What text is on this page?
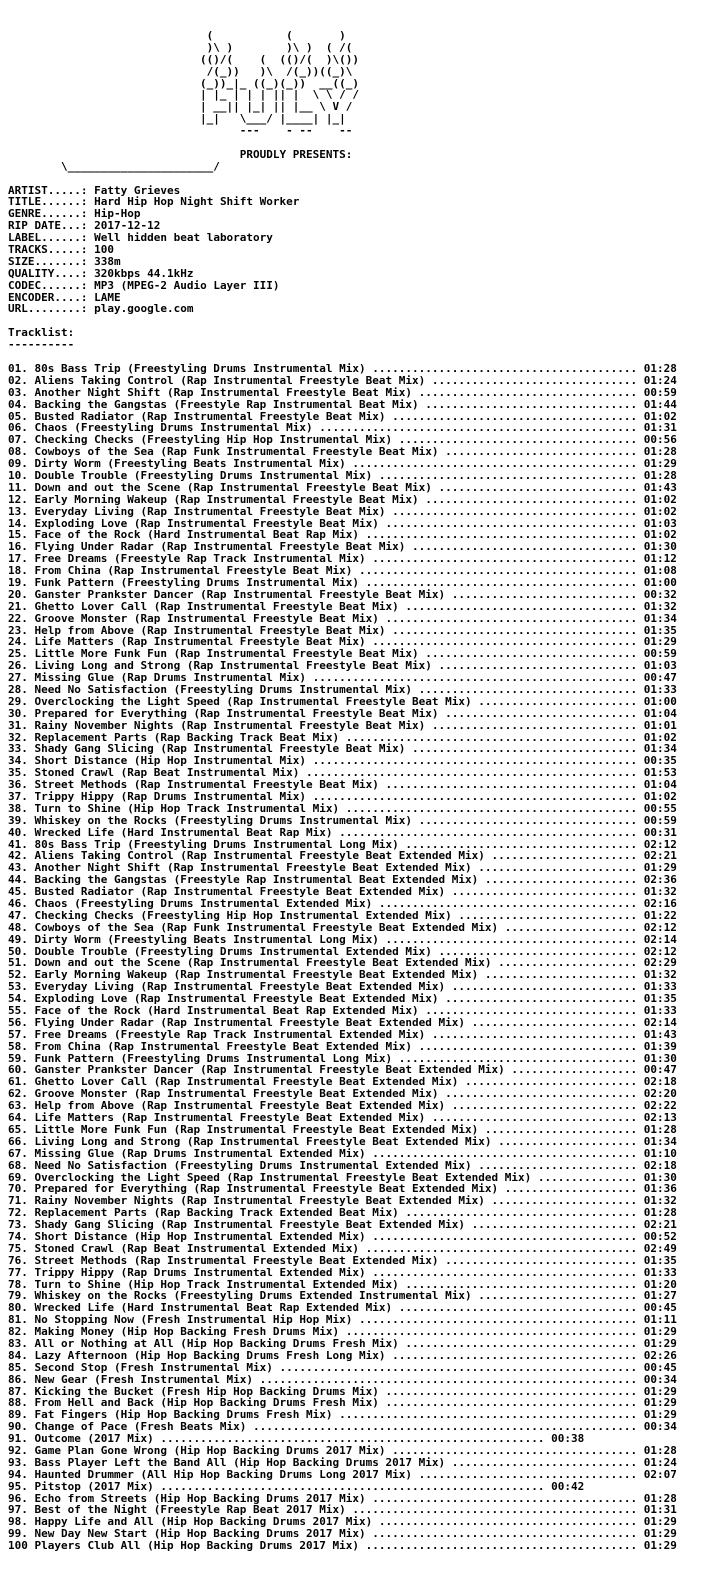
(           (       )
)\ )        )\ )  ( /(
(()/(    (  (()/(  )\())
/(_))   )\  /(_))((_)\
(_))_|_ ((_)(_))  __((_)
| |_ | | | || |  \ \ / /
| __|| |_| || |__ \ V /
|_|   \___/ |____| |_|
---    - --    --

PROUDLY PRESENTS:
\______________________/

ARTIST.....: Fatty Grieves
TITLE......: Hard Hip Hop Night Shift Worker
GENRE......: Hip-Hop
RIP DATE...: 2017-12-12
LABEL......: Well hidden beat laboratory
TRACKS.....: 100
SIZE.......: 338m
QUALITY....: 320kbps 44.1kHz
CODEC......: MP3 (MPEG-2 Audio Layer III)
ENCODER....: LAME
URL........: play.google.com

Tracklist:
----------

01. 80s Bass Trip (Freestyling Drums Instrumental Mix) ........................................ 01:28
02. Aliens Taking Control (Rap Instrumental Freestyle Beat Mix) ............................... 01:24
03. Another Night Shift (Rap Instrumental Freestyle Beat Mix) ................................. 00:59
04. Backing the Gangstas (Freestyle Rap Instrumental Beat Mix) ................................ 01:44
05. Busted Radiator (Rap Instrumental Freestyle Beat Mix) ..................................... 01:02
06. Chaos (Freestyling Drums Instrumental Mix) ................................................ 01:31
07. Checking Checks (Freestyling Hip Hop Instrumental Mix) .................................... 00:56
08. Cowboys of the Sea (Rap Funk Instrumental Freestyle Beat Mix) ............................. 01:28
09. Dirty Worm (Freestyling Beats Instrumental Mix) ........................................... 01:29
10. Double Trouble (Freestyling Drums Instrumental Mix) ....................................... 01:28
11. Down and out the Scene (Rap Instrumental Freestyle Beat Mix) .............................. 01:43
12. Early Morning Wakeup (Rap Instrumental Freestyle Beat Mix) ................................ 01:02
13. Everyday Living (Rap Instrumental Freestyle Beat Mix) ..................................... 01:02
14. Exploding Love (Rap Instrumental Freestyle Beat Mix) ...................................... 01:03
15. Face of the Rock (Hard Instrumental Beat Rap Mix) ......................................... 01:02
16. Flying Under Radar (Rap Instrumental Freestyle Beat Mix) .................................. 01:30
17. Free Dreams (Freestyle Rap Track Instrumental Mix) ........................................ 01:12
18. From China (Rap Instrumental Freestyle Beat Mix) .......................................... 01:08
19. Funk Pattern (Freestyling Drums Instrumental Mix) ......................................... 01:00
20. Ganster Prankster Dancer (Rap Instrumental Freestyle Beat Mix) ............................ 00:32
21. Ghetto Lover Call (Rap Instrumental Freestyle Beat Mix) ................................... 01:32
22. Groove Monster (Rap Instrumental Freestyle Beat Mix) ...................................... 01:34
23. Help from Above (Rap Instrumental Freestyle Beat Mix) ..................................... 01:35
24. Life Matters (Rap Instrumental Freestyle Beat Mix) ........................................ 01:29
25. Little More Funk Fun (Rap Instrumental Freestyle Beat Mix) ................................ 00:59
26. Living Long and Strong (Rap Instrumental Freestyle Beat Mix) .............................. 01:03
27. Missing Glue (Rap Drums Instrumental Mix) ................................................. 00:47
28. Need No Satisfaction (Freestyling Drums Instrumental Mix) ................................. 01:33
29. Overclocking the Light Speed (Rap Instrumental Freestyle Beat Mix) ........................ 01:00
30. Prepared for Everything (Rap Instrumental Freestyle Beat Mix) ............................. 01:04
31. Rainy November Nights (Rap Instrumental Freestyle Beat Mix) ............................... 01:01
32. Replacement Parts (Rap Backing Track Beat Mix) ............................................ 01:02
33. Shady Gang Slicing (Rap Instrumental Freestyle Beat Mix) .................................. 01:34
34. Short Distance (Hip Hop Instrumental Mix) ................................................. 00:35
35. Stoned Crawl (Rap Beat Instrumental Mix) .................................................. 01:53
36. Street Methods (Rap Instrumental Freestyle Beat Mix) ...................................... 01:04
37. Trippy Hippy (Rap Drums Instrumental Mix) ................................................. 01:02
38. Turn to Shine (Hip Hop Track Instrumental Mix) ............................................ 00:55
39. Whiskey on the Rocks (Freestyling Drums Instrumental Mix) ................................. 00:59
40. Wrecked Life (Hard Instrumental Beat Rap Mix) ............................................. 00:31
41. 80s Bass Trip (Freestyling Drums Instrumental Long Mix) ................................... 02:12
42. Aliens Taking Control (Rap Instrumental Freestyle Beat Extended Mix) ...................... 02:21
43. Another Night Shift (Rap Instrumental Freestyle Beat Extended Mix) ........................ 01:29
44. Backing the Gangstas (Freestyle Rap Instrumental Beat Extended Mix) ....................... 02:36
45. Busted Radiator (Rap Instrumental Freestyle Beat Extended Mix) ............................ 01:32
46. Chaos (Freestyling Drums Instrumental Extended Mix) ....................................... 02:16
47. Checking Checks (Freestyling Hip Hop Instrumental Extended Mix) ........................... 01:22
48. Cowboys of the Sea (Rap Funk Instrumental Freestyle Beat Extended Mix) .................... 02:12
49. Dirty Worm (Freestyling Beats Instrumental Long Mix) ...................................... 02:14
50. Double Trouble (Freestyling Drums Instrumental Extended Mix) .............................. 02:12
51. Down and out the Scene (Rap Instrumental Freestyle Beat Extended Mix) ..................... 02:29
52. Early Morning Wakeup (Rap Instrumental Freestyle Beat Extended Mix) ....................... 01:32
53. Everyday Living (Rap Instrumental Freestyle Beat Extended Mix) ............................ 01:33
54. Exploding Love (Rap Instrumental Freestyle Beat Extended Mix) ............................. 01:35
55. Face of the Rock (Hard Instrumental Beat Rap Extended Mix) ................................ 01:33
56. Flying Under Radar (Rap Instrumental Freestyle Beat Extended Mix) ......................... 02:14
57. Free Dreams (Freestyle Rap Track Instrumental Extended Mix) ............................... 01:43
58. From China (Rap Instrumental Freestyle Beat Extended Mix) ................................. 01:39
59. Funk Pattern (Freestyling Drums Instrumental Long Mix) .................................... 01:30
60. Ganster Prankster Dancer (Rap Instrumental Freestyle Beat Extended Mix) ................... 00:47
61. Ghetto Lover Call (Rap Instrumental Freestyle Beat Extended Mix) .......................... 02:18
62. Groove Monster (Rap Instrumental Freestyle Beat Extended Mix) ............................. 02:20
63. Help from Above (Rap Instrumental Freestyle Beat Extended Mix) ............................ 02:22
64. Life Matters (Rap Instrumental Freestyle Beat Extended Mix) ............................... 02:13
65. Little More Funk Fun (Rap Instrumental Freestyle Beat Extended Mix) ....................... 01:28
66. Living Long and Strong (Rap Instrumental Freestyle Beat Extended Mix) ..................... 01:34
67. Missing Glue (Rap Drums Instrumental Extended Mix) ........................................ 01:10
68. Need No Satisfaction (Freestyling Drums Instrumental Extended Mix) ........................ 02:18
69. Overclocking the Light Speed (Rap Instrumental Freestyle Beat Extended Mix) ............... 01:30
70. Prepared for Everything (Rap Instrumental Freestyle Beat Extended Mix) .................... 01:36
71. Rainy November Nights (Rap Instrumental Freestyle Beat Extended Mix) ...................... 01:32
72. Replacement Parts (Rap Backing Track Extended Beat Mix) ................................... 01:28
73. Shady Gang Slicing (Rap Instrumental Freestyle Beat Extended Mix) ......................... 02:21
74. Short Distance (Hip Hop Instrumental Extended Mix) ........................................ 00:52
75. Stoned Crawl (Rap Beat Instrumental Extended Mix) ......................................... 02:49
76. Street Methods (Rap Instrumental Freestyle Beat Extended Mix) ............................. 01:35
77. Trippy Hippy (Rap Drums Instrumental Extended Mix) ........................................ 01:33
78. Turn to Shine (Hip Hop Track Instrumental Extended Mix) ................................... 01:20
79. Whiskey on the Rocks (Freestyling Drums Extended Instrumental Mix) ........................ 01:27
80. Wrecked Life (Hard Instrumental Beat Rap Extended Mix) .................................... 00:45
81. No Stopping Now (Fresh Instrumental Hip Hop Mix) .......................................... 01:11
82. Making Money (Hip Hop Backing Fresh Drums Mix) ............................................ 01:29
83. All or Nothing at All (Hip Hop Backing Drums Fresh Mix) ................................... 01:29
84. Lazy Afternoon (Hip Hop Backing Drums Fresh Long Mix) ..................................... 02:26
85. Second Stop (Fresh Instrumental Mix) ...................................................... 00:45
86. New Gear (Fresh Instrumental Mix) ......................................................... 00:34
87. Kicking the Bucket (Fresh Hip Hop Backing Drums Mix) ...................................... 01:29
88. From Hell and Back (Hip Hop Backing Drums Fresh Mix) ...................................... 01:29
89. Fat Fingers (Hip Hop Backing Drums Fresh Mix) ............................................. 01:29
90. Change of Pace (Fresh Beats Mix) .......................................................... 00:34
91. Outcome (2017 Mix) .......................................................... 00:38
92. Game Plan Gone Wrong (Hip Hop Backing Drums 2017 Mix) ..................................... 01:28
93. Bass Player Left the Band All (Hip Hop Backing Drums 2017 Mix) ............................ 01:24
94. Haunted Drummer (All Hip Hop Backing Drums Long 2017 Mix) ................................. 02:07
95. Pitstop (2017 Mix) .......................................................... 00:42
96. Echo from Streets (Hip Hop Backing Drums 2017 Mix) ........................................ 01:28
97. Best of the Night (Freestyle Rap Beat 2017 Mix) ........................................... 01:31
98. Happy Life and All (Hip Hop Backing Drums 2017 Mix) ....................................... 01:29
99. New Day New Start (Hip Hop Backing Drums 2017 Mix) ........................................ 01:29
100 Players Club All (Hip Hop Backing Drums 2017 Mix) ......................................... 01:29
